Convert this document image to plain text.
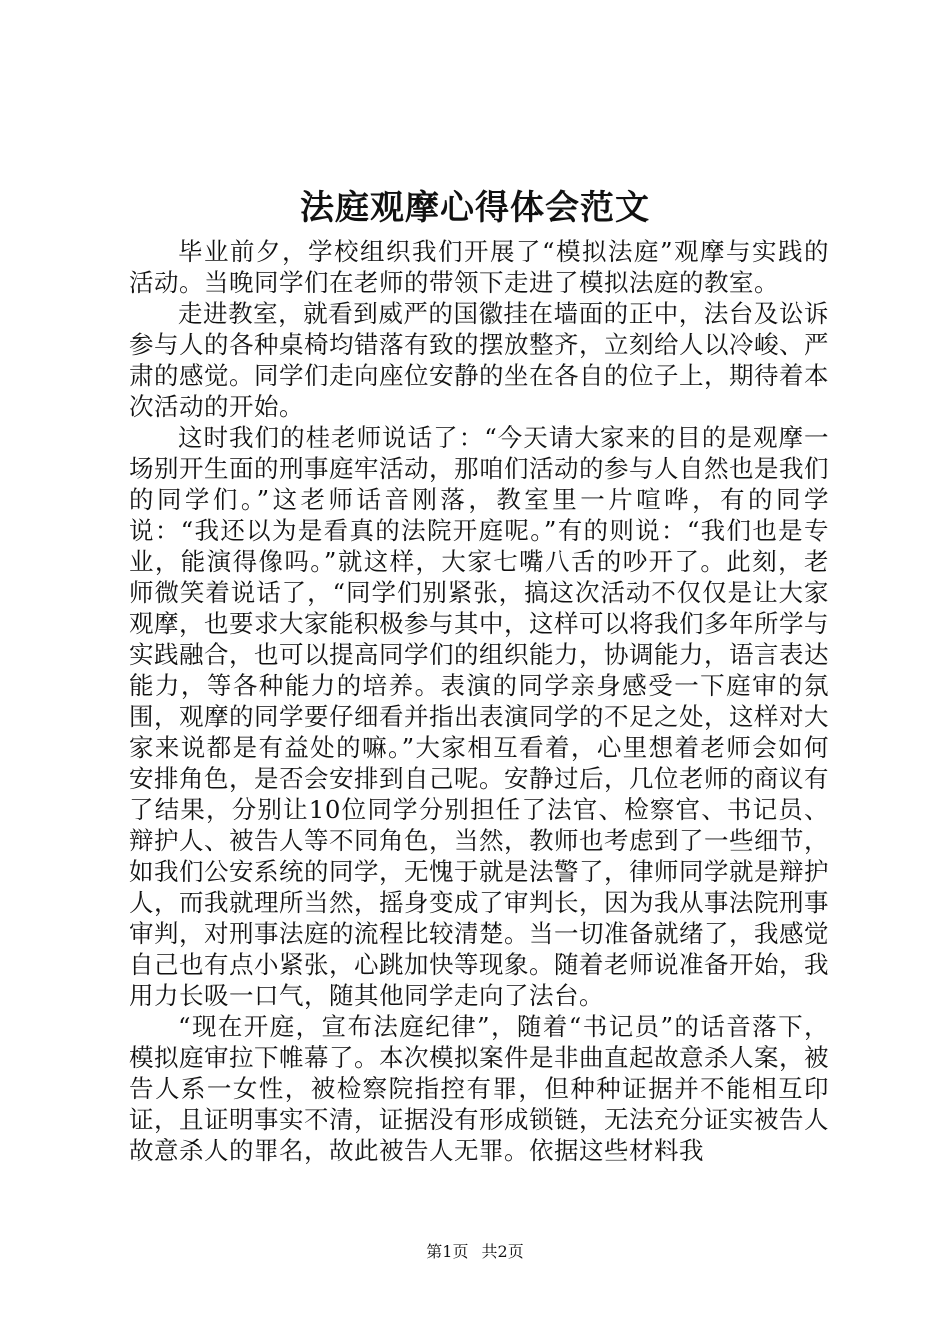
法庭观摩心得体会范文

毕业前夕，学校组织我们开展了“模拟法庭”观摩与实践的活动。当晚同学们在老师的带领下走进了模拟法庭的教室。

走进教室，就看到威严的国徽挂在墙面的正中，法台及讼诉参与人的各种桌椅均错落有致的摆放整齐，立刻给人以冷峻、严肃的感觉。同学们走向座位安静的坐在各自的位子上，期待着本次活动的开始。

这时我们的桂老师说话了：“今天请大家来的目的是观摩一场别开生面的刑事庭牢活动，那咱们活动的参与人自然也是我们的同学们。”这老师话音刚落，教室里一片喧哗，有的同学说：“我还以为是看真的法院开庭呢。”有的则说：“我们也是专业，能演得像吗。”就这样，大家七嘴八舌的吵开了。此刻，老师微笑着说话了，“同学们别紧张，搞这次活动不仅仅是让大家观摩，也要求大家能积极参与其中，这样可以将我们多年所学与实践融合，也可以提高同学们的组织能力，协调能力，语言表达能力，等各种能力的培养。表演的同学亲身感受一下庭审的氛围，观摩的同学要仔细看并指出表演同学的不足之处，这样对大家来说都是有益处的嘛。”大家相互看着，心里想着老师会如何安排角色，是否会安排到自己呢。安静过后，几位老师的商议有了结果，分别让10位同学分别担任了法官、检察官、书记员、辩护人、被告人等不同角色，当然，教师也考虑到了一些细节，如我们公安系统的同学，无愧于就是法警了，律师同学就是辩护人，而我就理所当然，摇身变成了审判长，因为我从事法院刑事审判，对刑事法庭的流程比较清楚。当一切准备就绪了，我感觉自己也有点小紧张，心跳加快等现象。随着老师说准备开始，我用力长吸一口气，随其他同学走向了法台。

“现在开庭，宣布法庭纪律”，随着“书记员”的话音落下，模拟庭审拉下帷幕了。本次模拟案件是非曲直起故意杀人案，被告人系一女性，被检察院指控有罪，但种种证据并不能相互印证，且证明事实不清，证据没有形成锁链，无法充分证实被告人故意杀人的罪名，故此被告人无罪。依据这些材料我

第1页 共2页
